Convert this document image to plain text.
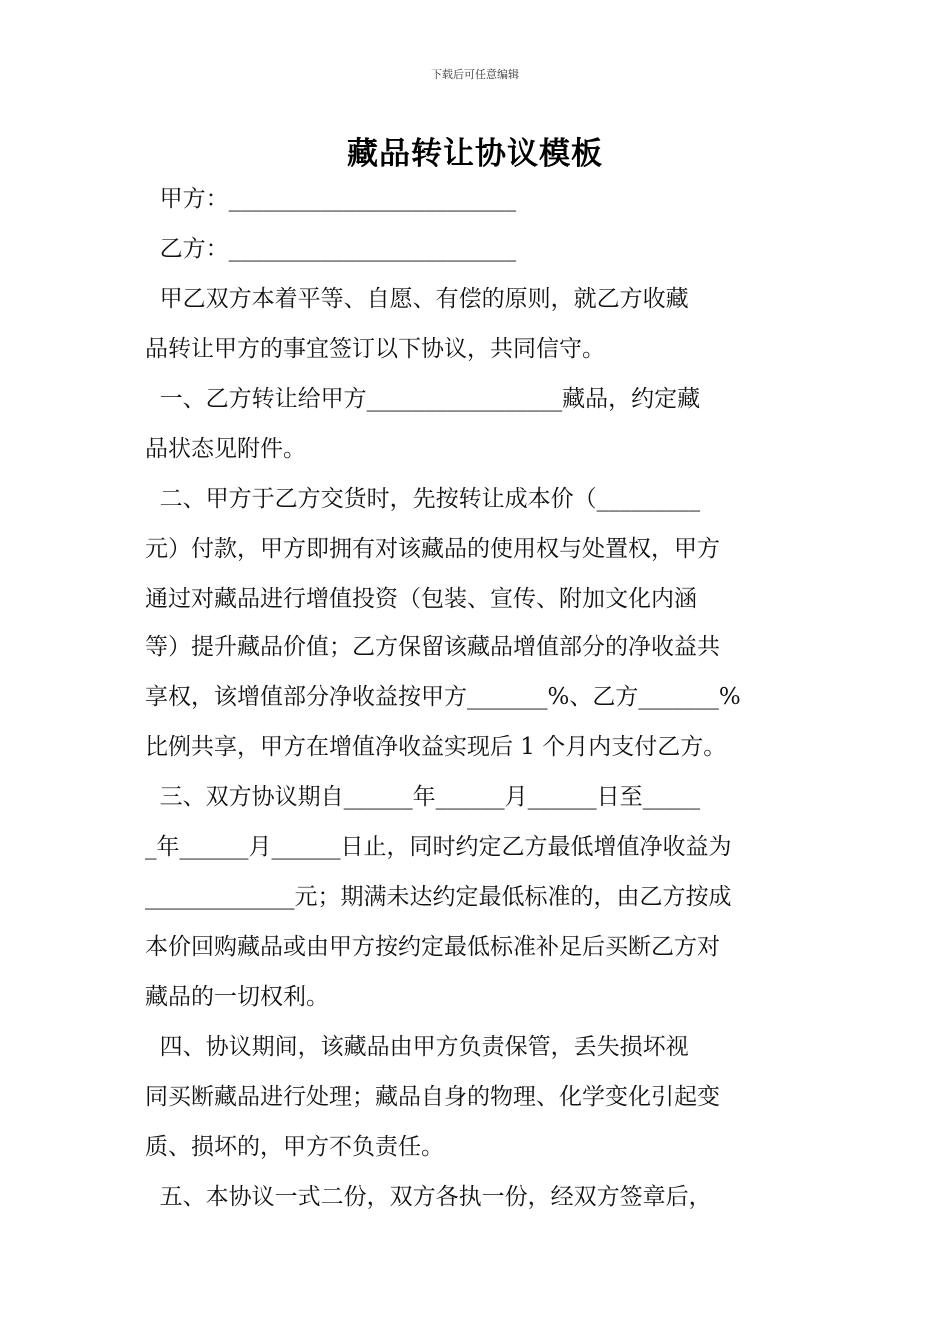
下载后可任意编辑
藏品转让协议模板
甲方：_________________________
乙方：_________________________
甲乙双方本着平等、自愿、有偿的原则，就乙方收藏
品转让甲方的事宜签订以下协议，共同信守。
一、乙方转让给甲方_________________藏品，约定藏
品状态见附件。
二、甲方于乙方交货时，先按转让成本价（_________
元）付款，甲方即拥有对该藏品的使用权与处置权，甲方
通过对藏品进行增值投资（包装、宣传、附加文化内涵
等）提升藏品价值；乙方保留该藏品增值部分的净收益共
享权，该增值部分净收益按甲方_______%、乙方_______%
比例共享，甲方在增值净收益实现后 1 个月内支付乙方。
三、双方协议期自______年______月______日至_____
_年______月______日止，同时约定乙方最低增值净收益为
_____________元；期满未达约定最低标准的，由乙方按成
本价回购藏品或由甲方按约定最低标准补足后买断乙方对
藏品的一切权利。
四、协议期间，该藏品由甲方负责保管，丢失损坏视
同买断藏品进行处理；藏品自身的物理、化学变化引起变
质、损坏的，甲方不负责任。
五、本协议一式二份，双方各执一份，经双方签章后，
